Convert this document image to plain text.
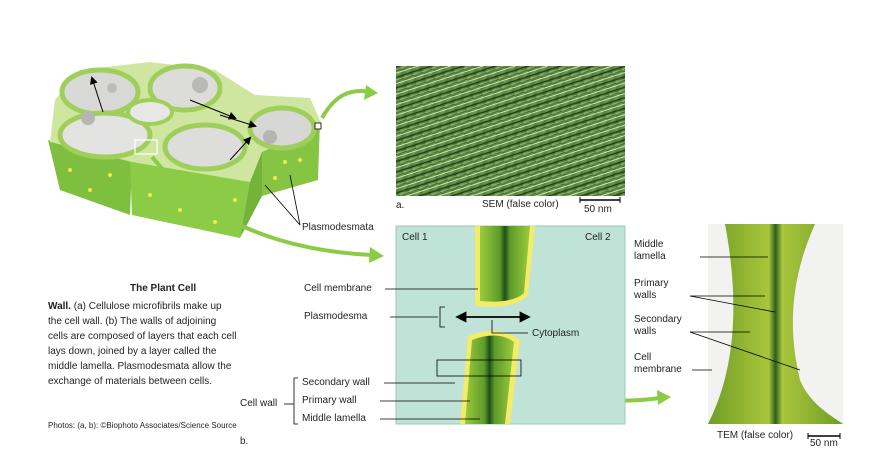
Plasmodesmata
a.	SEM (false color)	50 nm
Cell 1	Cell 2
Cell membrane
Plasmodesma
Cytoplasm
Cell wall
Secondary wall
Primary wall
Middle lamella
b.
Middle
lamella
Primary
walls
Secondary
walls
Cell
membrane
TEM (false color)
50 nm
The Plant Cell
Wall. (a) Cellulose microfibrils make up the cell wall. (b) The walls of adjoining cells are composed of layers that each cell lays down, joined by a layer called the middle lamella. Plasmodesmata allow the exchange of materials between cells.
Photos: (a, b): ©Biophoto Associates/Science Source
